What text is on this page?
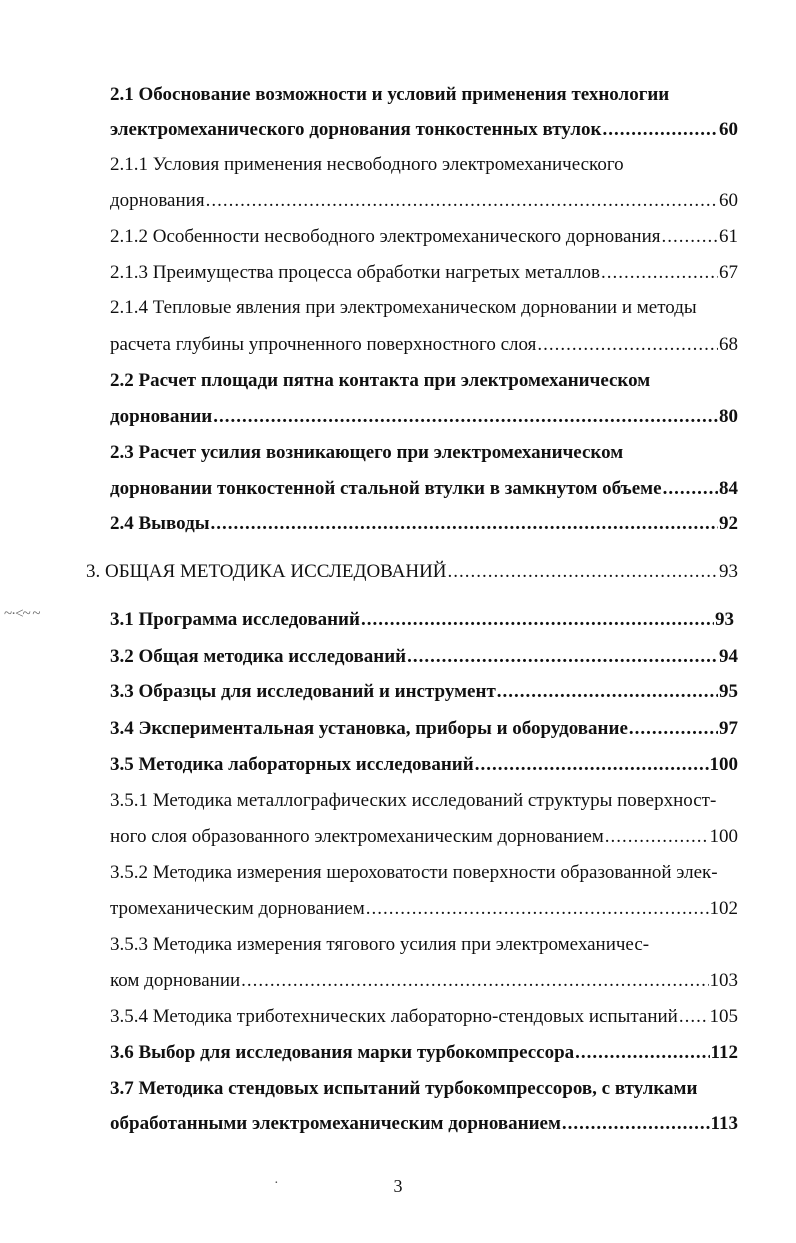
2.1 Обоснование возможности и условий применения технологии
электромеханического дорнования тонкостенных втулок .....	60
2.1.1 Условия применения несвободного электромеханического
дорнования .....	60
2.1.2 Особенности несвободного электромеханического дорнования .....	61
2.1.3 Преимущества процесса обработки нагретых металлов .....	67
2.1.4 Тепловые явления при электромеханическом дорновании и методы
расчета глубины упрочненного поверхностного слоя .....	68
2.2 Расчет площади пятна контакта при электромеханическом
дорновании .....	80
2.3 Расчет усилия возникающего при электромеханическом
дорновании тонкостенной стальной втулки в замкнутом объеме .....	84
2.4 Выводы .....	92
3. ОБЩАЯ МЕТОДИКА ИССЛЕДОВАНИЙ .....	93
~·<~ ~	3.1 Программа исследований .....	93
3.2 Общая методика исследований .....	94
3.3 Образцы для исследований и инструмент .....	95
3.4 Экспериментальная установка, приборы и оборудование .....	97
3.5 Методика лабораторных исследований .....	100
3.5.1 Методика металлографических исследований структуры поверхност-
ного слоя образованного электромеханическим дорнованием .....	100
3.5.2 Методика измерения шероховатости поверхности образованной элек-
тромеханическим дорнованием .....	102
3.5.3 Методика измерения тягового усилия при электромеханичес-
ком дорновании .....	103
3.5.4 Методика триботехнических лабораторно-стендовых испытаний ..... 105
3.6 Выбор для исследования марки турбокомпрессора .....	112
3.7 Методика стендовых испытаний турбокомпрессоров, с втулками
обработанными электромеханическим дорнованием .....	113
·	3
